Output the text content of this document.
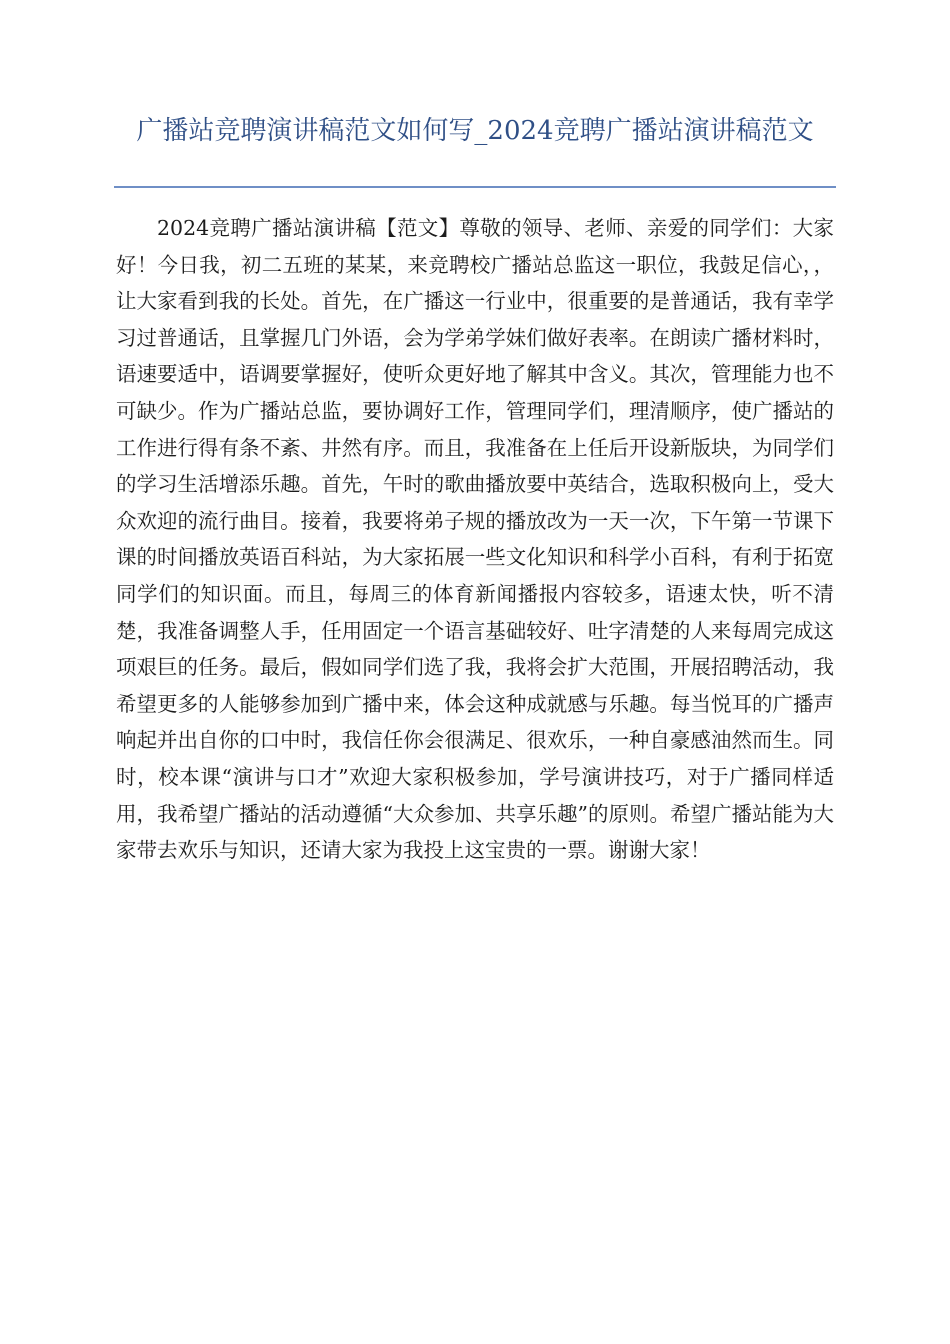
广播站竞聘演讲稿范文如何写_2024竞聘广播站演讲稿范文

2024竞聘广播站演讲稿【范文】尊敬的领导、老师、亲爱的同学们：大家好！今日我，初二五班的某某，来竞聘校广播站总监这一职位，我鼓足信心，，让大家看到我的长处。首先，在广播这一行业中，很重要的是普通话，我有幸学习过普通话，且掌握几门外语，会为学弟学妹们做好表率。在朗读广播材料时，语速要适中，语调要掌握好，使听众更好地了解其中含义。其次，管理能力也不可缺少。作为广播站总监，要协调好工作，管理同学们，理清顺序，使广播站的工作进行得有条不紊、井然有序。而且，我准备在上任后开设新版块，为同学们的学习生活增添乐趣。首先，午时的歌曲播放要中英结合，选取积极向上，受大众欢迎的流行曲目。接着，我要将弟子规的播放改为一天一次，下午第一节课下课的时间播放英语百科站，为大家拓展一些文化知识和科学小百科，有利于拓宽同学们的知识面。而且，每周三的体育新闻播报内容较多，语速太快，听不清楚，我准备调整人手，任用固定一个语言基础较好、吐字清楚的人来每周完成这项艰巨的任务。最后，假如同学们选了我，我将会扩大范围，开展招聘活动，我希望更多的人能够参加到广播中来，体会这种成就感与乐趣。每当悦耳的广播声响起并出自你的口中时，我信任你会很满足、很欢乐，一种自豪感油然而生。同时，校本课“演讲与口才”欢迎大家积极参加，学号演讲技巧，对于广播同样适用，我希望广播站的活动遵循“大众参加、共享乐趣”的原则。希望广播站能为大家带去欢乐与知识，还请大家为我投上这宝贵的一票。谢谢大家！
